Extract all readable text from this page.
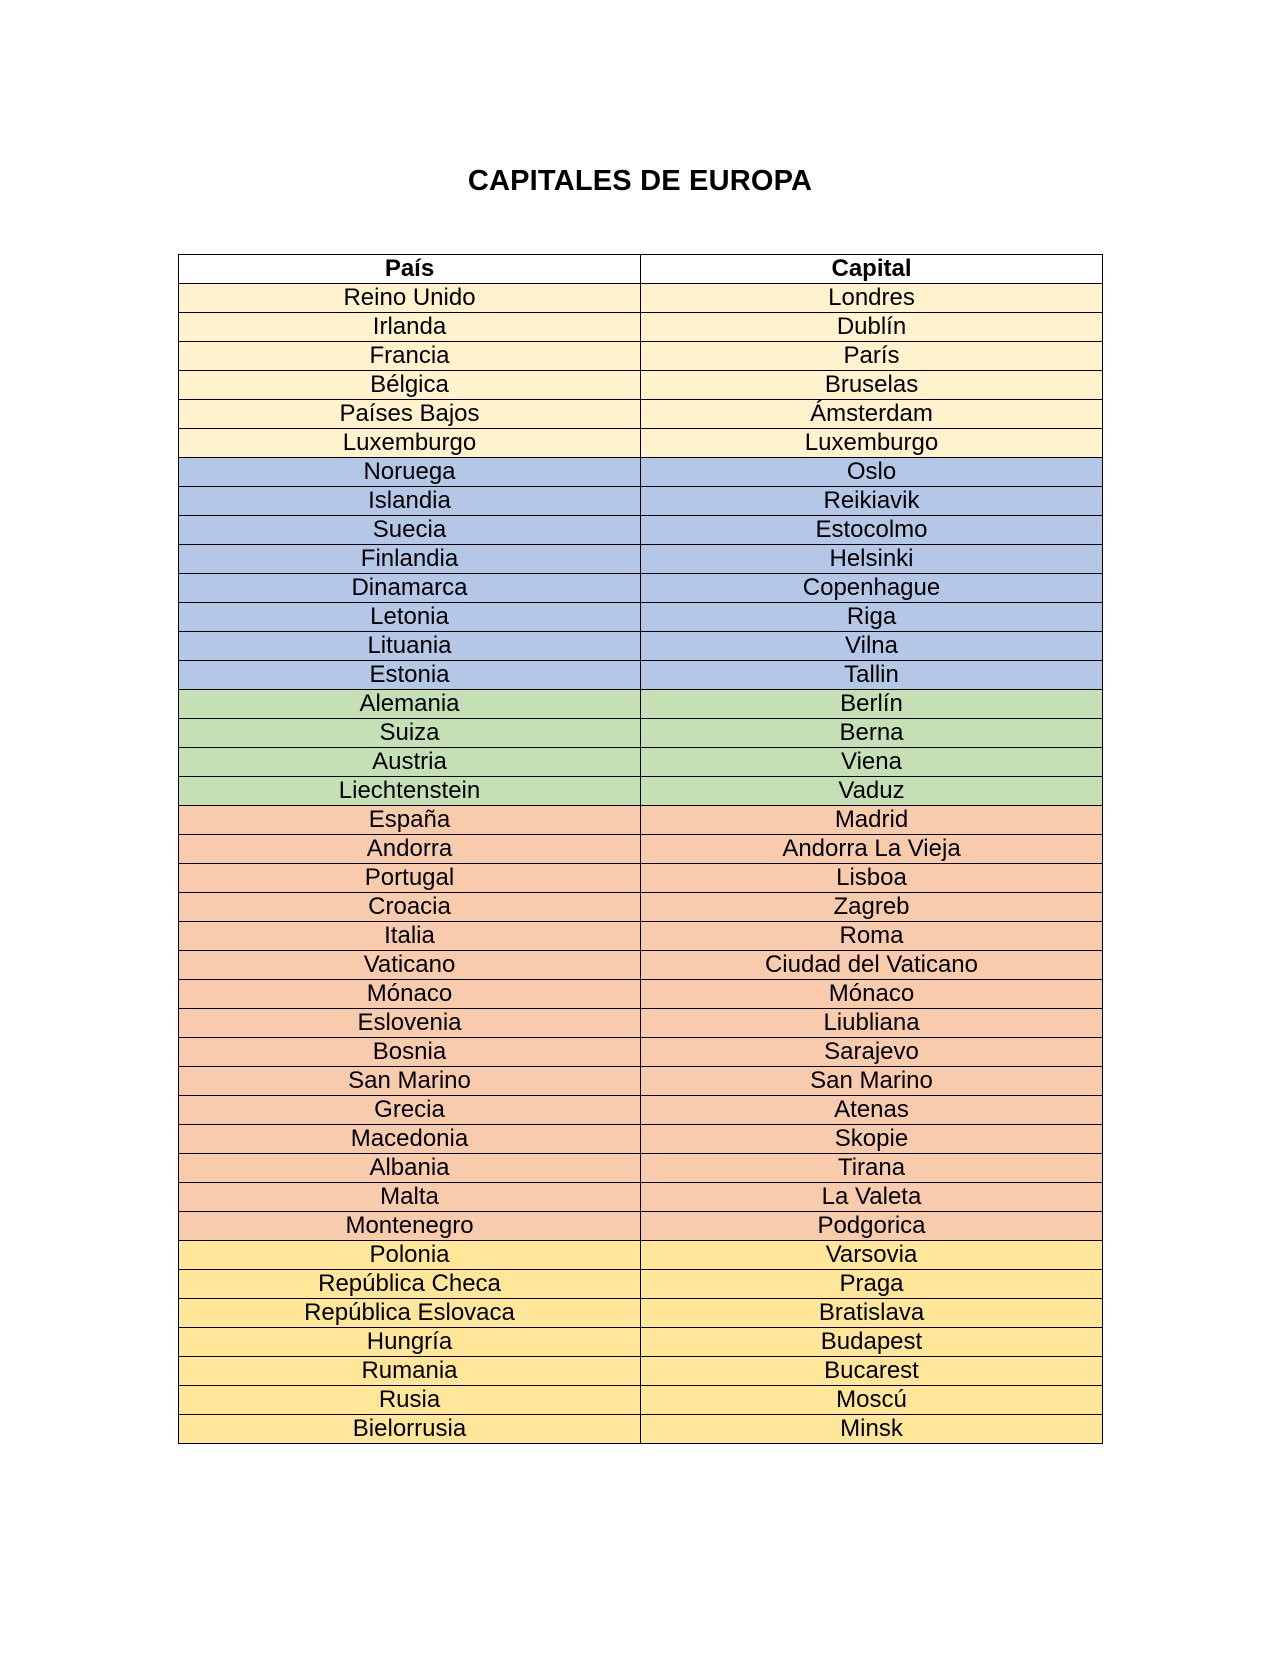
CAPITALES DE EUROPA
País	Capital
Reino Unido	Londres
Irlanda	Dublín
Francia	París
Bélgica	Bruselas
Países Bajos	Ámsterdam
Luxemburgo	Luxemburgo
Noruega	Oslo
Islandia	Reikiavik
Suecia	Estocolmo
Finlandia	Helsinki
Dinamarca	Copenhague
Letonia	Riga
Lituania	Vilna
Estonia	Tallin
Alemania	Berlín
Suiza	Berna
Austria	Viena
Liechtenstein	Vaduz
España	Madrid
Andorra	Andorra La Vieja
Portugal	Lisboa
Croacia	Zagreb
Italia	Roma
Vaticano	Ciudad del Vaticano
Mónaco	Mónaco
Eslovenia	Liubliana
Bosnia	Sarajevo
San Marino	San Marino
Grecia	Atenas
Macedonia	Skopie
Albania	Tirana
Malta	La Valeta
Montenegro	Podgorica
Polonia	Varsovia
República Checa	Praga
República Eslovaca	Bratislava
Hungría	Budapest
Rumania	Bucarest
Rusia	Moscú
Bielorrusia	Minsk
